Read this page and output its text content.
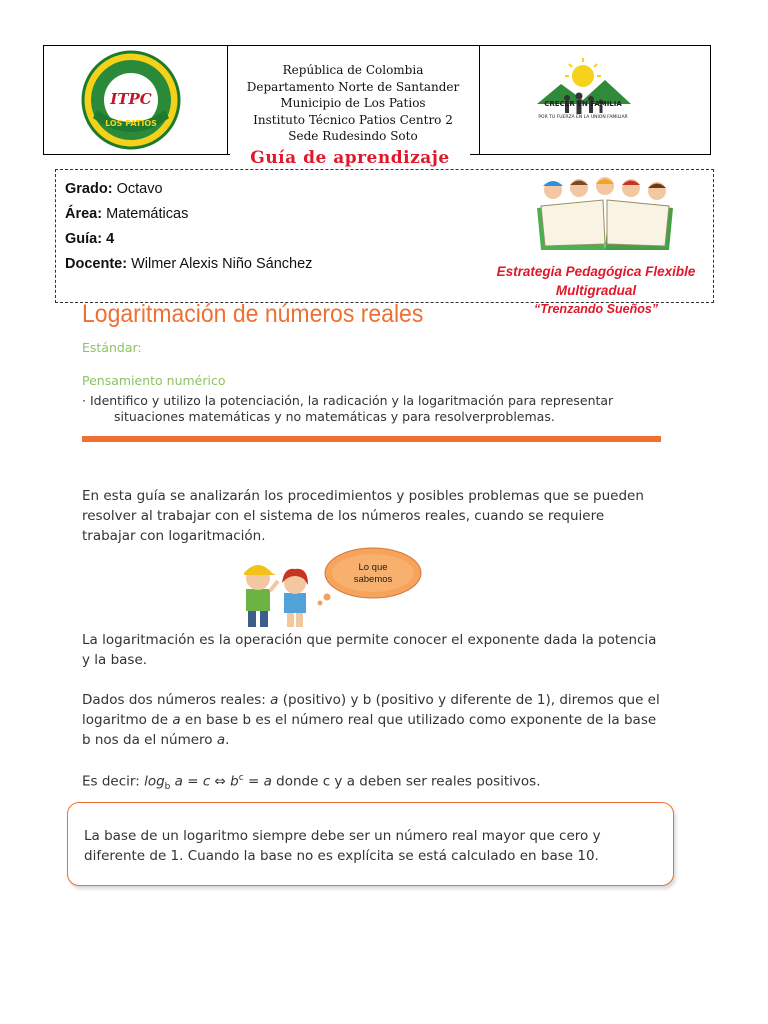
LOS PATIOS
ITPC
República de Colombia
Departamento Norte de Santander
Municipio de Los Patios
Instituto Técnico Patios Centro 2
Sede Rudesindo Soto
CRECER EN FAMILIA
POR TU FUERZA EN LA UNION FAMILIAR
Guía de aprendizaje
Grado: Octavo
Área: Matemáticas
Guía: 4
Docente: Wilmer Alexis Niño Sánchez	Estrategia Pedagógica Flexible
Multigradual
“Trenzando Sueños”
Logaritmación de números reales
Estándar:
Pensamiento numérico
· Identifico y utilizo la potenciación, la radicación y la logaritmación para representar
situaciones matemáticas y no matemáticas y para resolverproblemas.
En esta guía se analizarán los procedimientos y posibles problemas que se pueden resolver al trabajar con el sistema de los números reales, cuando se requiere trabajar con logaritmación.
Lo que sabemos
La logaritmación es la operación que permite conocer el exponente dada la potencia y la base.
Dados dos números reales: a (positivo) y b (positivo y diferente de 1), diremos que el logaritmo de a en base b es el número real que utilizado como exponente de la base b nos da el número a.
Es decir: $\log_b a = c$ ⇔ $b^c = a$ donde c y a deben ser reales positivos.
La base de un logaritmo siempre debe ser un número real mayor que cero y diferente de 1. Cuando la base no es explícita se está calculado en base 10.
